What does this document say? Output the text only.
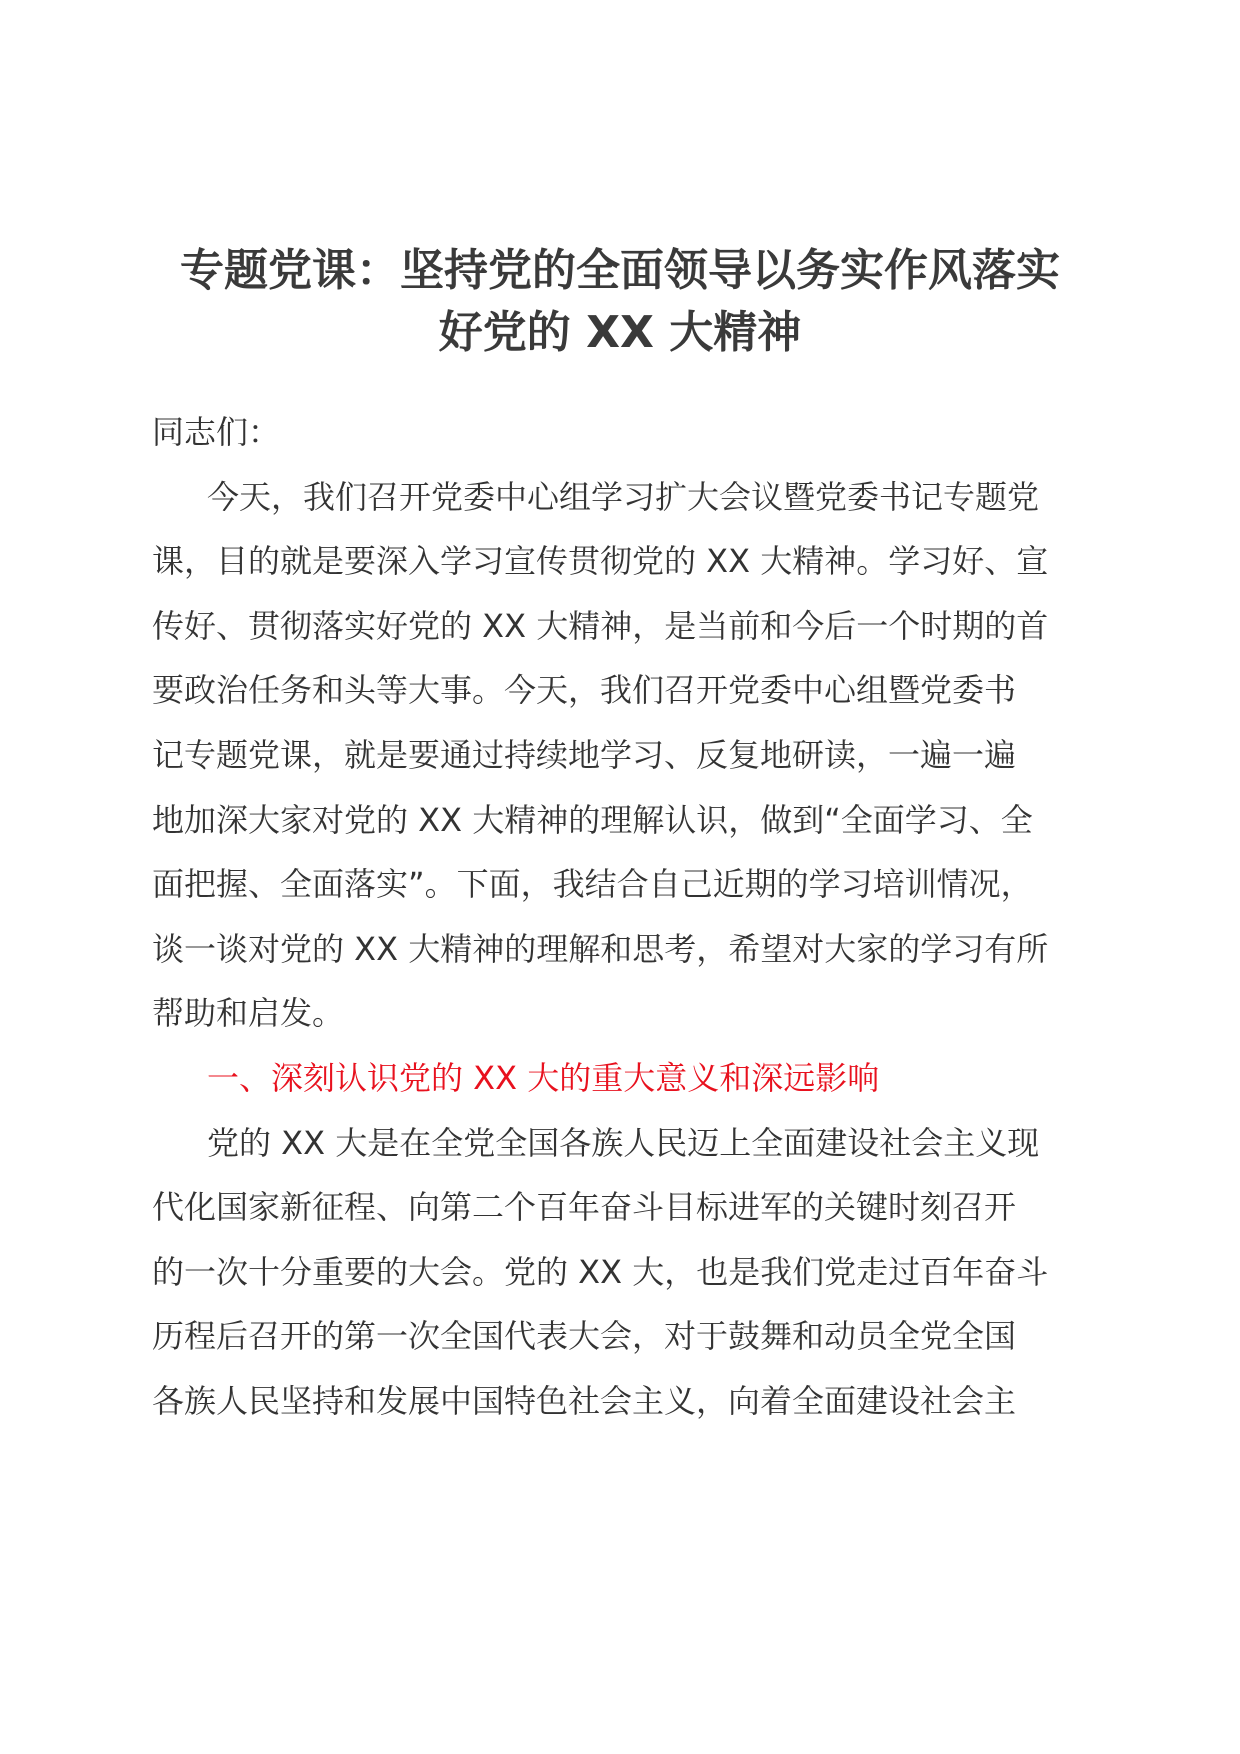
专题党课：坚持党的全面领导以务实作风落实
好党的 XX 大精神
同志们：
今天，我们召开党委中心组学习扩大会议暨党委书记专题党
课，目的就是要深入学习宣传贯彻党的 XX 大精神。学习好、宣
传好、贯彻落实好党的 XX 大精神，是当前和今后一个时期的首
要政治任务和头等大事。今天，我们召开党委中心组暨党委书
记专题党课，就是要通过持续地学习、反复地研读，一遍一遍
地加深大家对党的 XX 大精神的理解认识，做到“全面学习、全
面把握、全面落实”。下面，我结合自己近期的学习培训情况，
谈一谈对党的 XX 大精神的理解和思考，希望对大家的学习有所
帮助和启发。
一、深刻认识党的 XX 大的重大意义和深远影响
党的 XX 大是在全党全国各族人民迈上全面建设社会主义现
代化国家新征程、向第二个百年奋斗目标进军的关键时刻召开
的一次十分重要的大会。党的 XX 大，也是我们党走过百年奋斗
历程后召开的第一次全国代表大会，对于鼓舞和动员全党全国
各族人民坚持和发展中国特色社会主义，向着全面建设社会主
